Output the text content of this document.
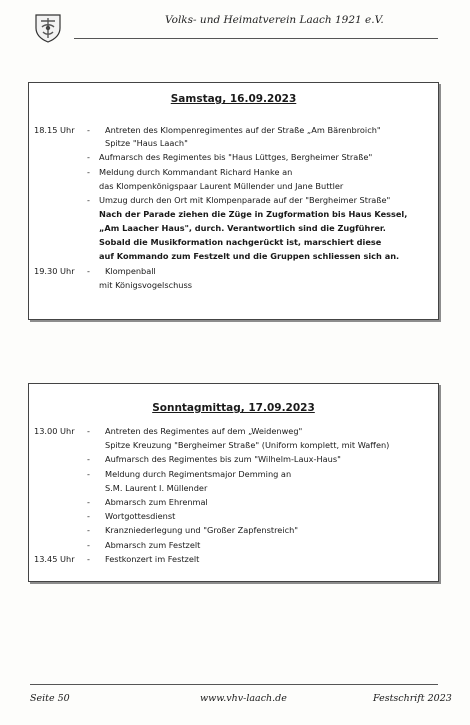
Volks- und Heimatverein Laach 1921 e.V.
Samstag, 16.09.2023
18.15 Uhr - Antreten des Klompenregimentes auf der Straße „Am Bärenbroich"
Spitze "Haus Laach"
- Aufmarsch des Regimentes bis "Haus Lüttges, Bergheimer Straße"
- Meldung durch Kommandant Richard Hanke an
das Klompenkönigspaar Laurent Müllender und Jane Buttler
- Umzug durch den Ort mit Klompenparade auf der "Bergheimer Straße"
Nach der Parade ziehen die Züge in Zugformation bis Haus Kessel,
„Am Laacher Haus", durch. Verantwortlich sind die Zugführer.
Sobald die Musikformation nachgerückt ist, marschiert diese
auf Kommando zum Festzelt und die Gruppen schliessen sich an.
19.30 Uhr - Klompenball
mit Königsvogelschuss
Sonntagmittag, 17.09.2023
13.00 Uhr - Antreten des Regimentes auf dem „Weidenweg"
Spitze Kreuzung "Bergheimer Straße" (Uniform komplett, mit Waffen)
- Aufmarsch des Regimentes bis zum "Wilhelm-Laux-Haus"
- Meldung durch Regimentsmajor Demming an
S.M. Laurent I. Müllender
- Abmarsch zum Ehrenmal
- Wortgottesdienst
- Kranzniederlegung und "Großer Zapfenstreich"
- Abmarsch zum Festzelt
13.45 Uhr - Festkonzert im Festzelt
Seite 50	www.vhv-laach.de	Festschrift 2023
